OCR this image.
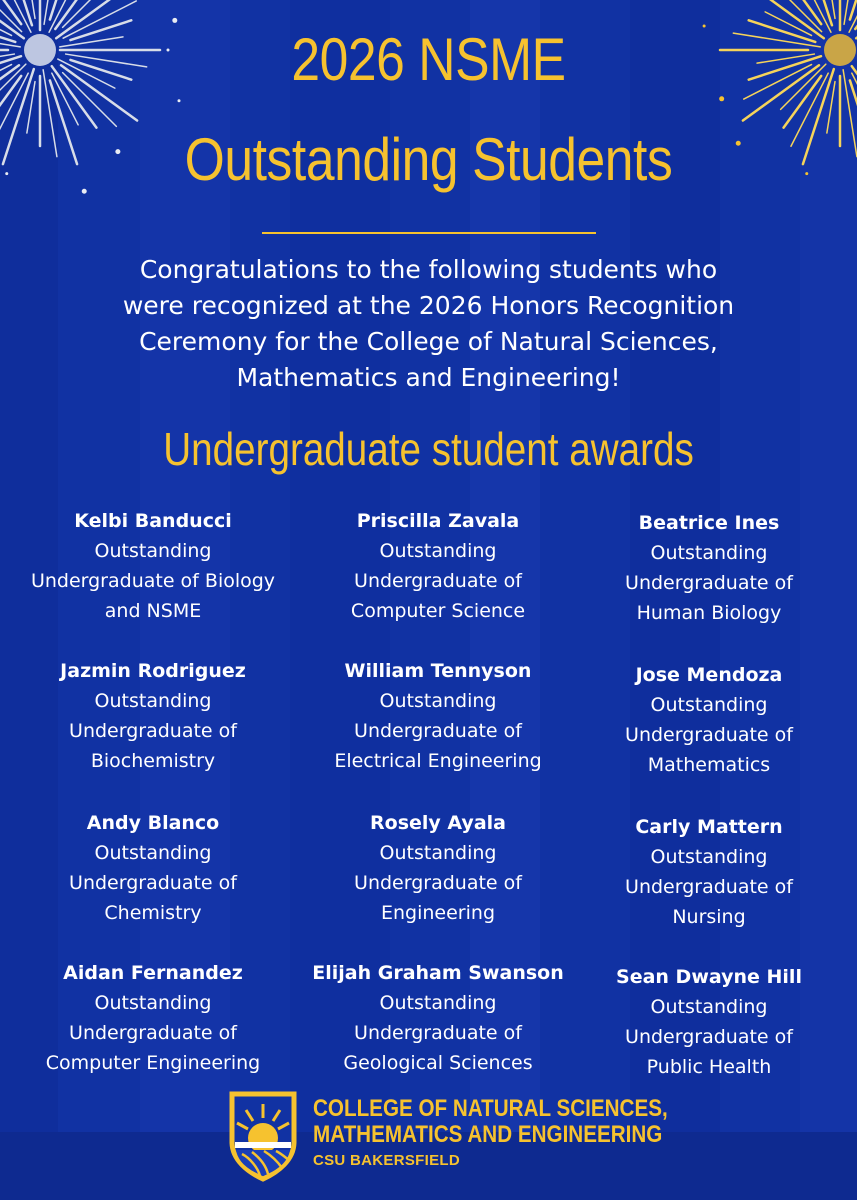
2026 NSME
Outstanding Students
Congratulations to the following students who
were recognized at the 2026 Honors Recognition
Ceremony for the College of Natural Sciences,
Mathematics and Engineering!
Undergraduate student awards
Kelbi Banducci
Outstanding
Undergraduate of Biology
and NSME
Priscilla Zavala
Outstanding
Undergraduate of
Computer Science
Beatrice Ines
Outstanding
Undergraduate of
Human Biology
Jazmin Rodriguez
Outstanding
Undergraduate of
Biochemistry
William Tennyson
Outstanding
Undergraduate of
Electrical Engineering
Jose Mendoza
Outstanding
Undergraduate of
Mathematics
Andy Blanco
Outstanding
Undergraduate of
Chemistry
Rosely Ayala
Outstanding
Undergraduate of
Engineering
Carly Mattern
Outstanding
Undergraduate of
Nursing
Aidan Fernandez
Outstanding
Undergraduate of
Computer Engineering
Elijah Graham Swanson
Outstanding
Undergraduate of
Geological Sciences
Sean Dwayne Hill
Outstanding
Undergraduate of
Public Health
COLLEGE OF NATURAL SCIENCES,
MATHEMATICS AND ENGINEERING
CSU BAKERSFIELD
